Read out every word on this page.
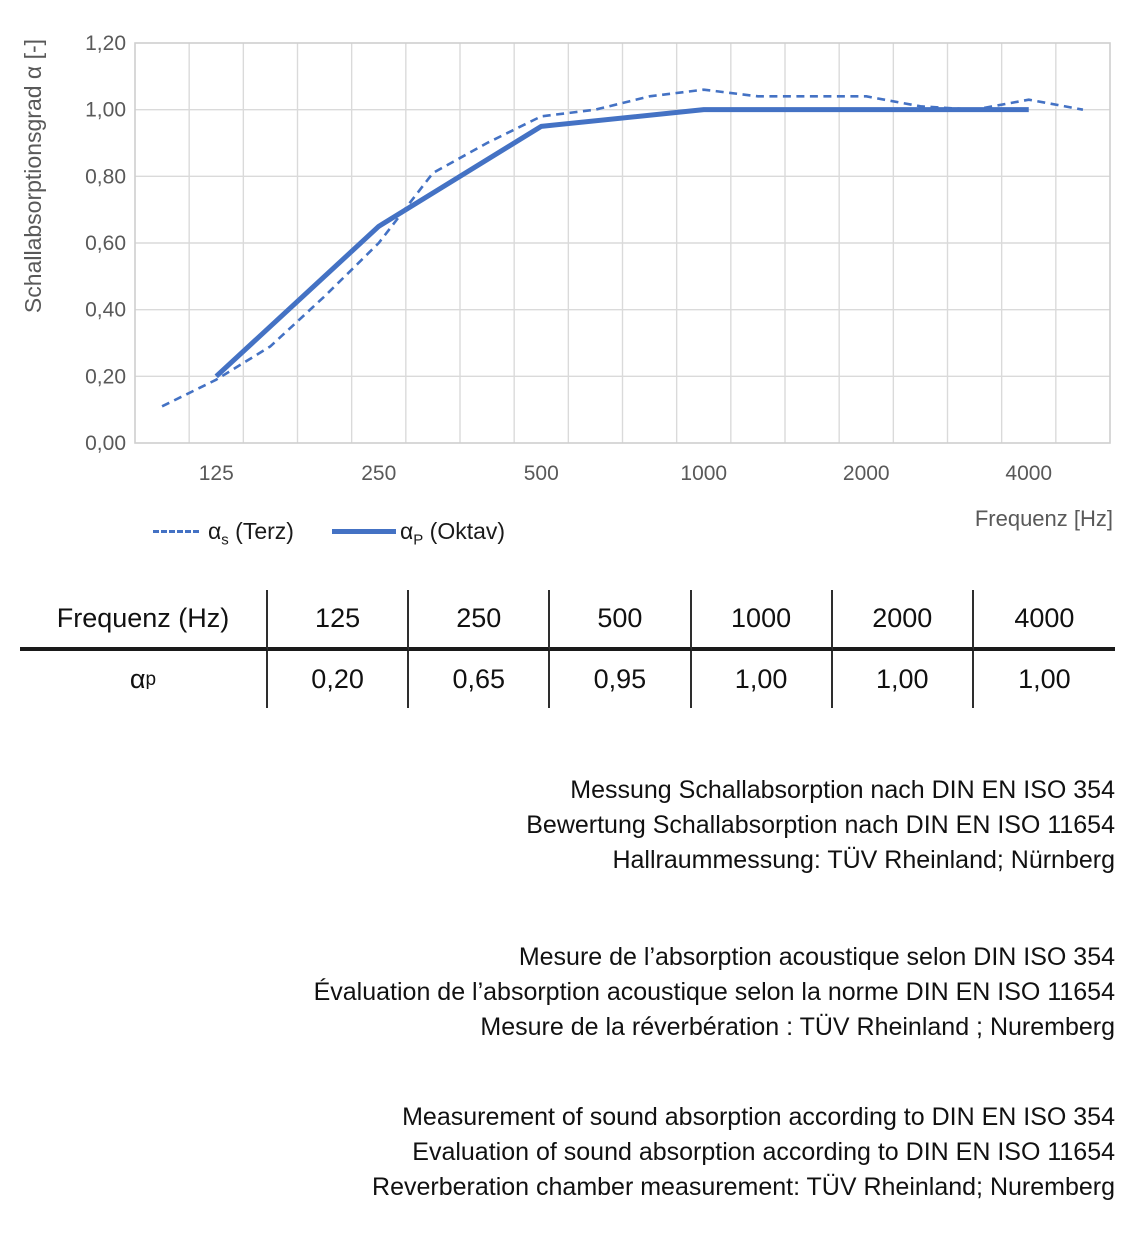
0,00
0,20
0,40
0,60
0,80
1,00
1,20
125	250	500	1000	2000	4000
Schallabsorptionsgrad α [-]
Frequenz [Hz]
$\alpha_s$ (Terz)	$\alpha_P$ (Oktav)
Frequenz (Hz)	125	250	500	1000	2000	4000
α p	0,20	0,65	0,95	1,00	1,00	1,00
Messung Schallabsorption nach DIN EN ISO 354
Bewertung Schallabsorption nach DIN EN ISO 11654
Hallraummessung: TÜV Rheinland; Nürnberg
Mesure de l’absorption acoustique selon DIN ISO 354
Évaluation de l’absorption acoustique selon la norme DIN EN ISO 11654
Mesure de la réverbération : TÜV Rheinland ; Nuremberg
Measurement of sound absorption according to DIN EN ISO 354
Evaluation of sound absorption according to DIN EN ISO 11654
Reverberation chamber measurement: TÜV Rheinland; Nuremberg
